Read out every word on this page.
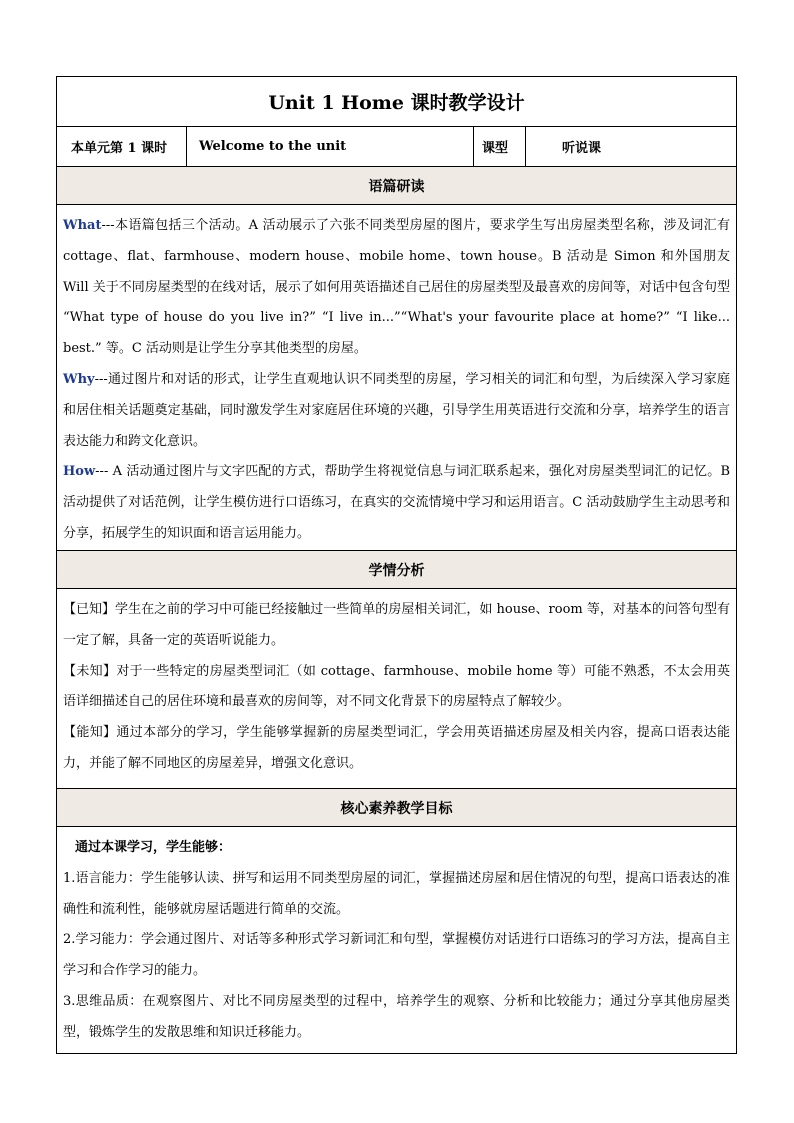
Unit 1 Home 课时教学设计
本单元第 1 课时	Welcome to the unit	课型	听说课
语篇研读

What---本语篇包括三个活动。A 活动展示了六张不同类型房屋的图片，要求学生写出房屋类型名称，涉及词汇有 cottage、flat、farmhouse、modern house、mobile home、town house。B 活动是 Simon 和外国朋友 Will 关于不同房屋类型的在线对话，展示了如何用英语描述自己居住的房屋类型及最喜欢的房间等，对话中包含句型 “What type of house do you live in?” “I live in...”“What's your favourite place at home?” “I like... best.” 等。C 活动则是让学生分享其他类型的房屋。

Why---通过图片和对话的形式，让学生直观地认识不同类型的房屋，学习相关的词汇和句型，为后续深入学习家庭和居住相关话题奠定基础，同时激发学生对家庭居住环境的兴趣，引导学生用英语进行交流和分享，培养学生的语言表达能力和跨文化意识。

How--- A 活动通过图片与文字匹配的方式，帮助学生将视觉信息与词汇联系起来，强化对房屋类型词汇的记忆。B 活动提供了对话范例，让学生模仿进行口语练习，在真实的交流情境中学习和运用语言。C 活动鼓励学生主动思考和分享，拓展学生的知识面和语言运用能力。

学情分析

【已知】学生在之前的学习中可能已经接触过一些简单的房屋相关词汇，如 house、room 等，对基本的问答句型有一定了解，具备一定的英语听说能力。

【未知】对于一些特定的房屋类型词汇（如 cottage、farmhouse、mobile home 等）可能不熟悉，不太会用英语详细描述自己的居住环境和最喜欢的房间等，对不同文化背景下的房屋特点了解较少。

【能知】通过本部分的学习，学生能够掌握新的房屋类型词汇，学会用英语描述房屋及相关内容，提高口语表达能力，并能了解不同地区的房屋差异，增强文化意识。

核心素养教学目标

通过本课学习，学生能够：

1.语言能力：学生能够认读、拼写和运用不同类型房屋的词汇，掌握描述房屋和居住情况的句型，提高口语表达的准确性和流利性，能够就房屋话题进行简单的交流。

2.学习能力：学会通过图片、对话等多种形式学习新词汇和句型，掌握模仿对话进行口语练习的学习方法，提高自主学习和合作学习的能力。

3.思维品质：在观察图片、对比不同房屋类型的过程中，培养学生的观察、分析和比较能力；通过分享其他房屋类型，锻炼学生的发散思维和知识迁移能力。
